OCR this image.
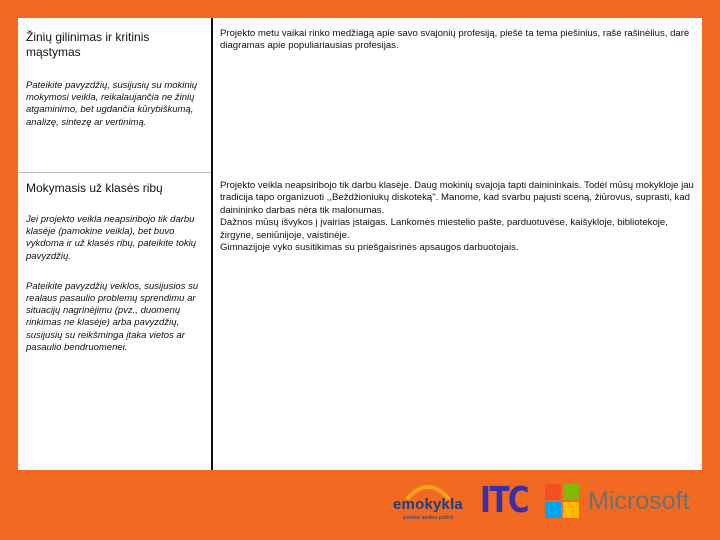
Žinių gilinimas ir kritinis mąstymas

Pateikite pavyzdžių, susijusių su mokinių mokymosi veikla, reikalaujančia ne žinių atgaminimo, bet ugdančia kūrybiškumą, analizę, sintezę ar vertinimą.

Projekto metu vaikai rinko medžiagą apie savo svajonių profesiją, piešė ta tema piešinius, rašė rašinėlius, darė diagramas apie populiariausias profesijas.

Mokymasis už klasės ribų

Jei projekto veikla neapsiribojo tik darbu klasėje (pamokine veikla), bet buvo vykdoma ir už klasės ribų, pateikite tokių pavyzdžių.

Pateikite pavyzdžių veiklos, susijusios su realaus pasaulio problemų sprendimu ar situacijų nagrinėjimu (pvz., duomenų rinkimas ne klasėje) arba pavyzdžių, susijusių su reikšminga įtaka vietos ar pasaulio bendruomenei.

Projekto veikla neapsiribojo tik darbu klasėje. Daug mokinių svajoja tapti dainininkais. Todėl mūsų mokykloje jau tradicija tapo organizuoti ,,Beždžioniukų diskoteką". Manome, kad svarbu pajusti sceną, žiūrovus, suprasti, kad dainininko darbas nėra tik malonumas.

Dažnos mūsų išvykos į įvairias įstaigas. Lankomės miestelio pašte, parduotuvėse, kaišykloje, bibliotekoje, žirgyne, seniūnijoje, vaistinėje.

Gimnazijoje vyko susitikimas su priešgaisrinės apsaugos darbuotojais.

emokykla
portalas ateities pažinti ITC Microsoft
